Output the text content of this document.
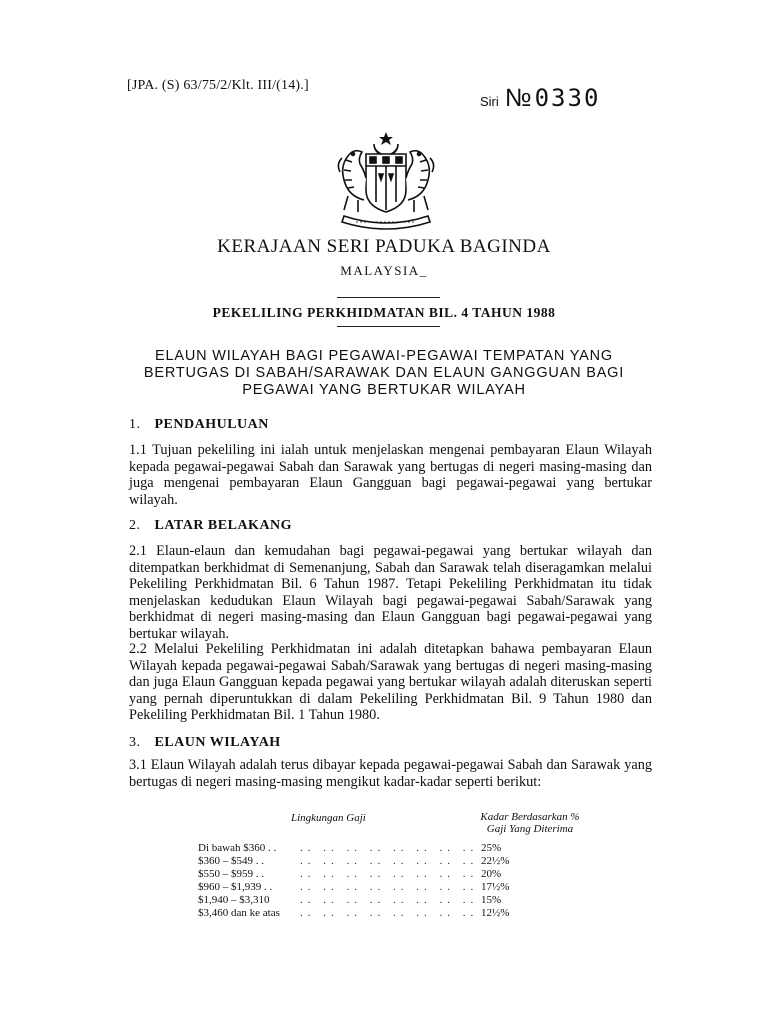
[JPA. (S) 63/75/2/Klt. III/(14).]
Siri № 0330
KERAJAAN SERI PADUKA BAGINDA
MALAYSIA_
PEKELILING PERKHIDMATAN BIL. 4 TAHUN 1988
ELAUN WILAYAH BAGI PEGAWAI-PEGAWAI TEMPATAN YANG BERTUGAS DI SABAH/SARAWAK DAN ELAUN GANGGUAN BAGI PEGAWAI YANG BERTUKAR WILAYAH
1. PENDAHULUAN
1.1 Tujuan pekeliling ini ialah untuk menjelaskan mengenai pembayaran Elaun Wilayah kepada pegawai-pegawai Sabah dan Sarawak yang bertugas di negeri masing-masing dan juga mengenai pembayaran Elaun Gangguan bagi pegawai-pegawai yang bertukar wilayah.
2. LATAR BELAKANG
2.1 Elaun-elaun dan kemudahan bagi pegawai-pegawai yang bertukar wilayah dan ditempatkan berkhidmat di Semenanjung, Sabah dan Sarawak telah diseragamkan melalui Pekeliling Perkhidmatan Bil. 6 Tahun 1987. Tetapi Pekeliling Perkhidmatan itu tidak menjelaskan kedudukan Elaun Wilayah bagi pegawai-pegawai Sabah/Sarawak yang berkhidmat di negeri masing-masing dan Elaun Gangguan bagi pegawai-pegawai yang bertukar wilayah.
2.2 Melalui Pekeliling Perkhidmatan ini adalah ditetapkan bahawa pembayaran Elaun Wilayah kepada pegawai-pegawai Sabah/Sarawak yang bertugas di negeri masing-masing dan juga Elaun Gangguan kepada pegawai yang bertukar wilayah adalah diteruskan seperti yang pernah diperuntukkan di dalam Pekeliling Perkhidmatan Bil. 9 Tahun 1980 dan Pekeliling Perkhidmatan Bil. 1 Tahun 1980.
3. ELAUN WILAYAH
3.1 Elaun Wilayah adalah terus dibayar kepada pegawai-pegawai Sabah dan Sarawak yang bertugas di negeri masing-masing mengikut kadar-kadar seperti berikut:
Lingkungan Gaji	Kadar Berdasarkan %
Gaji Yang Diterima
Di bawah $360 . . .. .. .. .. .. .. .. .. 25%
$360 – $549 . .	.. .. .. .. .. .. .. .. 22½%
$550 – $959 . .	.. .. .. .. .. .. .. .. 20%
$960 – $1,939 . .	.. .. .. .. .. .. .. .. 17½%
$1,940 – $3,310	.. .. .. .. .. .. .. .. 15%
$3,460 dan ke atas .. .. .. .. .. .. .. .. 12½%
